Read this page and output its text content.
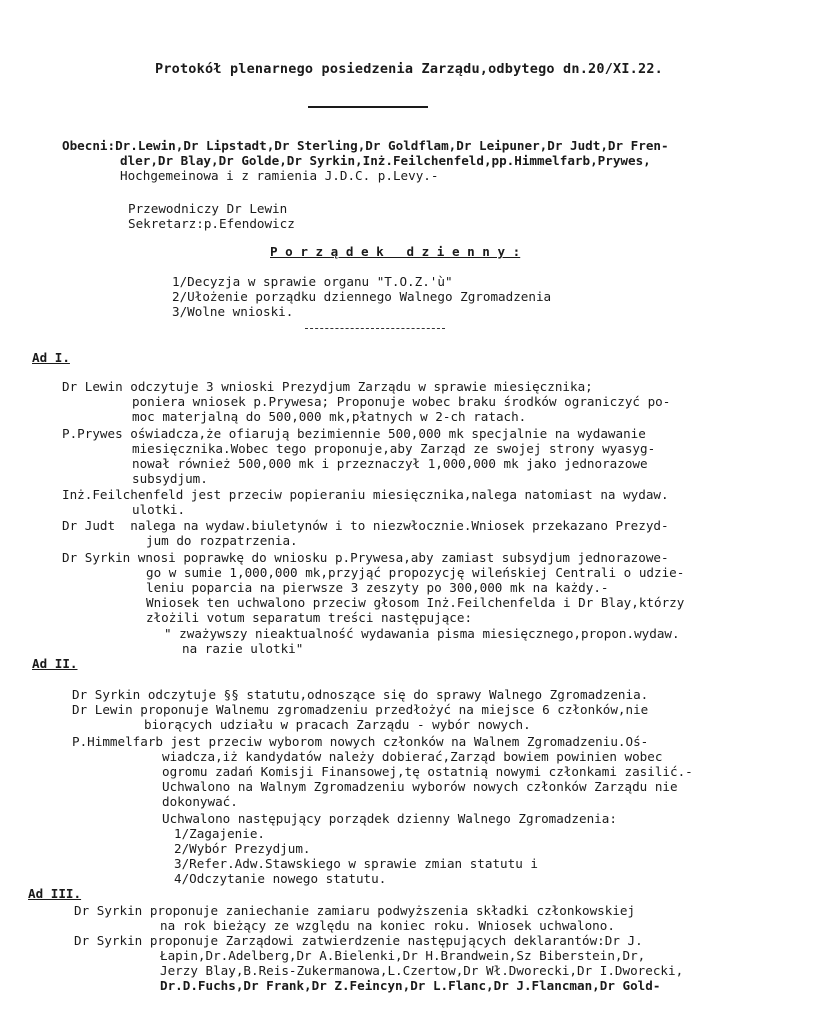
Protokół plenarnego posiedzenia Zarządu,odbytego dn.20/XI.22.
Obecni:Dr.Lewin,Dr Lipstadt,Dr Sterling,Dr Goldflam,Dr Leipuner,Dr Judt,Dr Fren-
dler,Dr Blay,Dr Golde,Dr Syrkin,Inż.Feilchenfeld,pp.Himmelfarb,Prywes,
Hochgemeinowa i z ramienia J.D.C. p.Levy.-
Przewodniczy Dr Lewin
Sekretarz:p.Efendowicz
P o r z ą d e k   d z i e n n y :
1/Decyzja w sprawie organu "T.O.Z.'ù"
2/Ułożenie porządku dziennego Walnego Zgromadzenia
3/Wolne wnioski.
Ad I.
Dr Lewin odczytuje 3 wnioski Prezydjum Zarządu w sprawie miesięcznika;
poniera wniosek p.Prywesa; Proponuje wobec braku środków ograniczyć po-
moc materjalną do 500,000 mk,płatnych w 2-ch ratach.
P.Prywes oświadcza,że ofiarują bezimiennie 500,000 mk specjalnie na wydawanie
miesięcznika.Wobec tego proponuje,aby Zarząd ze swojej strony wyasyg-
nował również 500,000 mk i przeznaczył 1,000,000 mk jako jednorazowe
subsydjum.
Inż.Feilchenfeld jest przeciw popieraniu miesięcznika,nalega natomiast na wydaw.
ulotki.
Dr Judt  nalega na wydaw.biuletynów i to niezwłocznie.Wniosek przekazano Prezyd-
jum do rozpatrzenia.
Dr Syrkin wnosi poprawkę do wniosku p.Prywesa,aby zamiast subsydjum jednorazowe-
go w sumie 1,000,000 mk,przyjąć propozycję wileńskiej Centrali o udzie-
leniu poparcia na pierwsze 3 zeszyty po 300,000 mk na każdy.-
Wniosek ten uchwalono przeciw głosom Inż.Feilchenfelda i Dr Blay,którzy
złożili votum separatum treści następujące:
" zważywszy nieaktualność wydawania pisma miesięcznego,propon.wydaw.
na razie ulotki"
Ad II.
Dr Syrkin odczytuje §§ statutu,odnoszące się do sprawy Walnego Zgromadzenia.
Dr Lewin proponuje Walnemu zgromadzeniu przedłożyć na miejsce 6 członków,nie
biorących udziału w pracach Zarządu - wybór nowych.
P.Himmelfarb jest przeciw wyborom nowych członków na Walnem Zgromadzeniu.Oś-
wiadcza,iż kandydatów należy dobierać,Zarząd bowiem powinien wobec
ogromu zadań Komisji Finansowej,tę ostatnią nowymi członkami zasilić.-
Uchwalono na Walnym Zgromadzeniu wyborów nowych członków Zarządu nie
dokonywać.
Uchwalono następujący porządek dzienny Walnego Zgromadzenia:
1/Zagajenie.
2/Wybór Prezydjum.
3/Refer.Adw.Stawskiego w sprawie zmian statutu i
4/Odczytanie nowego statutu.
Ad III.
Dr Syrkin proponuje zaniechanie zamiaru podwyższenia składki członkowskiej
na rok bieżący ze względu na koniec roku. Wniosek uchwalono.
Dr Syrkin proponuje Zarządowi zatwierdzenie następujących deklarantów:Dr J.
Łapin,Dr.Adelberg,Dr A.Bielenki,Dr H.Brandwein,Sz Biberstein,Dr,
Jerzy Blay,B.Reis-Zukermanowa,L.Czertow,Dr Wł.Dworecki,Dr I.Dworecki,
Dr.D.Fuchs,Dr Frank,Dr Z.Feincyn,Dr L.Flanc,Dr J.Flancman,Dr Gold-
